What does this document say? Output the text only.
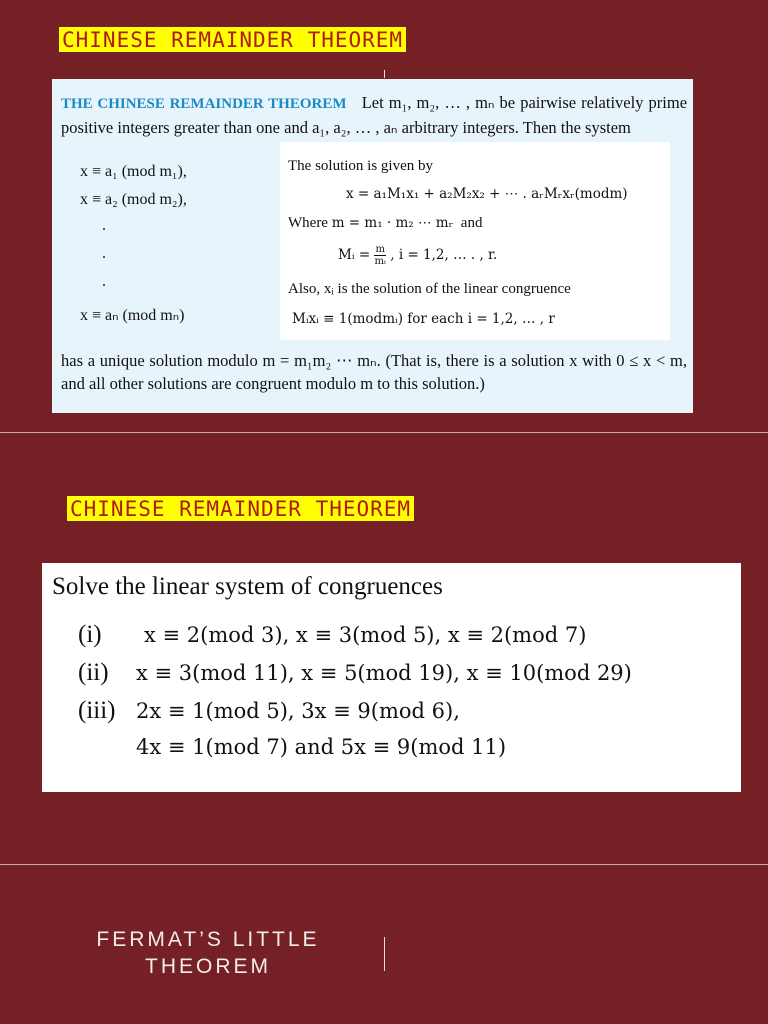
CHINESE REMAINDER THEOREM
THE CHINESE REMAINDER THEOREM Let m₁, m₂, … , mₙ be pairwise relatively prime positive integers greater than one and a₁, a₂, … , aₙ arbitrary integers. Then the system
x ≡ a₁ (mod m₁),
x ≡ a₂ (mod m₂),
.
.
.
x ≡ aₙ (mod mₙ)
The solution is given by
x = a₁M₁x₁ + a₂M₂x₂ + ⋯ . aᵣMᵣxᵣ(modm)
Where m = m₁ · m₂ ⋯ mᵣ and
Mᵢ = $\frac{m}{\text{mᵢ}}$ , i = 1,2, … . , r.
Also, xᵢ is the solution of the linear congruence
Mᵢxᵢ ≡ 1(modmᵢ) for each i = 1,2, … , r
has a unique solution modulo m = m₁m₂ ⋯ mₙ. (That is, there is a solution x with 0 ≤ x < m, and all other solutions are congruent modulo m to this solution.)
CHINESE REMAINDER THEOREM
Solve the linear system of congruences
(i) x ≡ 2(mod 3), x ≡ 3(mod 5), x ≡ 2(mod 7)
(ii) x ≡ 3(mod 11), x ≡ 5(mod 19), x ≡ 10(mod 29)
(iii) 2x ≡ 1(mod 5), 3x ≡ 9(mod 6),
4x ≡ 1(mod 7) and 5x ≡ 9(mod 11)
FERMAT’S LITTLE
THEOREM
